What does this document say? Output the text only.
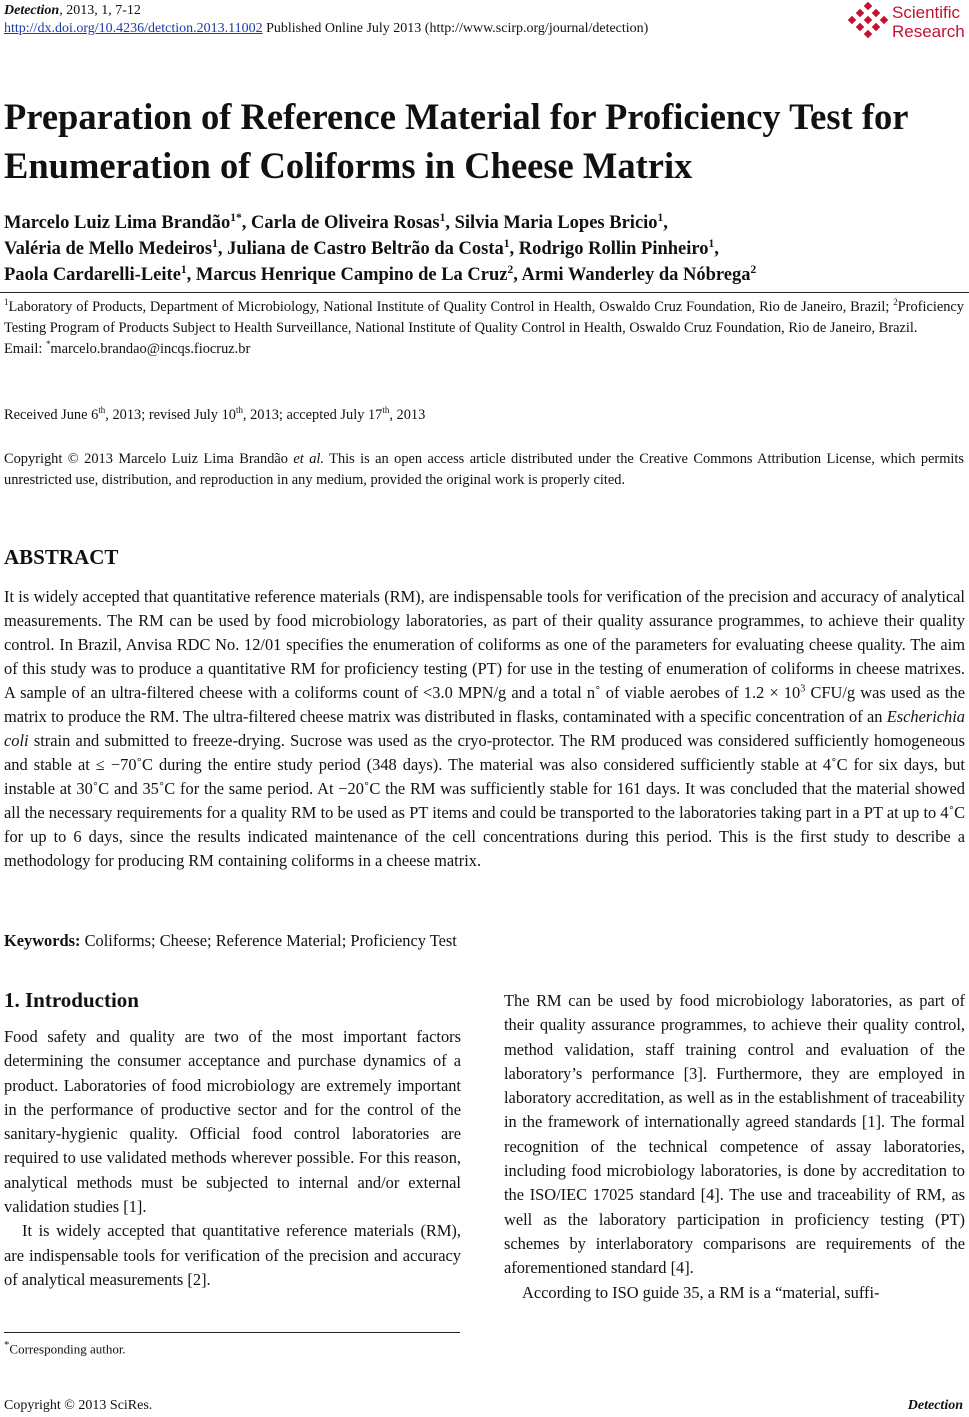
Detection, 2013, 1, 7-12
http://dx.doi.org/10.4236/detction.2013.11002 Published Online July 2013 (http://www.scirp.org/journal/detection)
Scientific
Research
Preparation of Reference Material for Proficiency Test for
Enumeration of Coliforms in Cheese Matrix
Marcelo Luiz Lima Brandão$^{1*}$, Carla de Oliveira Rosas$^1$, Silvia Maria Lopes Bricio$^1$,
Valéria de Mello Medeiros$^1$, Juliana de Castro Beltrão da Costa$^1$, Rodrigo Rollin Pinheiro$^1$,
Paola Cardarelli-Leite$^1$, Marcus Henrique Campino de La Cruz$^2$, Armi Wanderley da Nóbrega$^2$
$^1$Laboratory of Products, Department of Microbiology, National Institute of Quality Control in Health, Oswaldo Cruz Foundation, Rio de Janeiro, Brazil; $^2$Proficiency Testing Program of Products Subject to Health Surveillance, National Institute of Quality Control in Health, Oswaldo Cruz Foundation, Rio de Janeiro, Brazil.
Email: *marcelo.brandao@incqs.fiocruz.br
Received June 6th, 2013; revised July 10th, 2013; accepted July 17th, 2013
Copyright © 2013 Marcelo Luiz Lima Brandão et al. This is an open access article distributed under the Creative Commons Attribution License, which permits unrestricted use, distribution, and reproduction in any medium, provided the original work is properly cited.
ABSTRACT

It is widely accepted that quantitative reference materials (RM), are indispensable tools for verification of the precision and accuracy of analytical measurements. The RM can be used by food microbiology laboratories, as part of their quality assurance programmes, to achieve their quality control. In Brazil, Anvisa RDC No. 12/01 specifies the enumeration of coliforms as one of the parameters for evaluating cheese quality. The aim of this study was to produce a quantitative RM for proficiency testing (PT) for use in the testing of enumeration of coliforms in cheese matrixes. A sample of an ultra-filtered cheese with a coliforms count of <3.0 MPN/g and a total n˚ of viable aerobes of $1.2 \times 10^3$ CFU/g was used as the matrix to produce the RM. The ultra-filtered cheese matrix was distributed in flasks, contaminated with a specific concentration of an Escherichia coli strain and submitted to freeze-drying. Sucrose was used as the cryo-protector. The RM produced was considered sufficiently homogeneous and stable at ≤ −70˚C during the entire study period (348 days). The material was also considered sufficiently stable at 4˚C for six days, but instable at 30˚C and 35˚C for the same period. At −20˚C the RM was sufficiently stable for 161 days. It was concluded that the material showed all the necessary requirements for a quality RM to be used as PT items and could be transported to the laboratories taking part in a PT at up to 4˚C for up to 6 days, since the results indicated maintenance of the cell concentrations during this period. This is the first study to describe a methodology for producing RM containing coliforms in a cheese matrix.

Keywords: Coliforms; Cheese; Reference Material; Proficiency Test
1. Introduction

Food safety and quality are two of the most important factors determining the consumer acceptance and purchase dynamics of a product. Laboratories of food microbiology are extremely important in the performance of productive sector and for the control of the sanitary-hygienic quality. Official food control laboratories are required to use validated methods wherever possible. For this reason, analytical methods must be subjected to internal and/or external validation studies [1].

It is widely accepted that quantitative reference materials (RM), are indispensable tools for verification of the precision and accuracy of analytical measurements [2].

The RM can be used by food microbiology laboratories, as part of their quality assurance programmes, to achieve their quality control, method validation, staff training control and evaluation of the laboratory’s performance [3]. Furthermore, they are employed in laboratory accreditation, as well as in the establishment of traceability in the framework of internationally agreed standards [1]. The formal recognition of the technical competence of assay laboratories, including food microbiology laboratories, is done by accreditation to the ISO/IEC 17025 standard [4]. The use and traceability of RM, as well as the laboratory participation in proficiency testing (PT) schemes by interlaboratory comparisons are requirements of the aforementioned standard [4].

According to ISO guide 35, a RM is a “material, suffi-

*Corresponding author.
Copyright © 2013 SciRes.	Detection
